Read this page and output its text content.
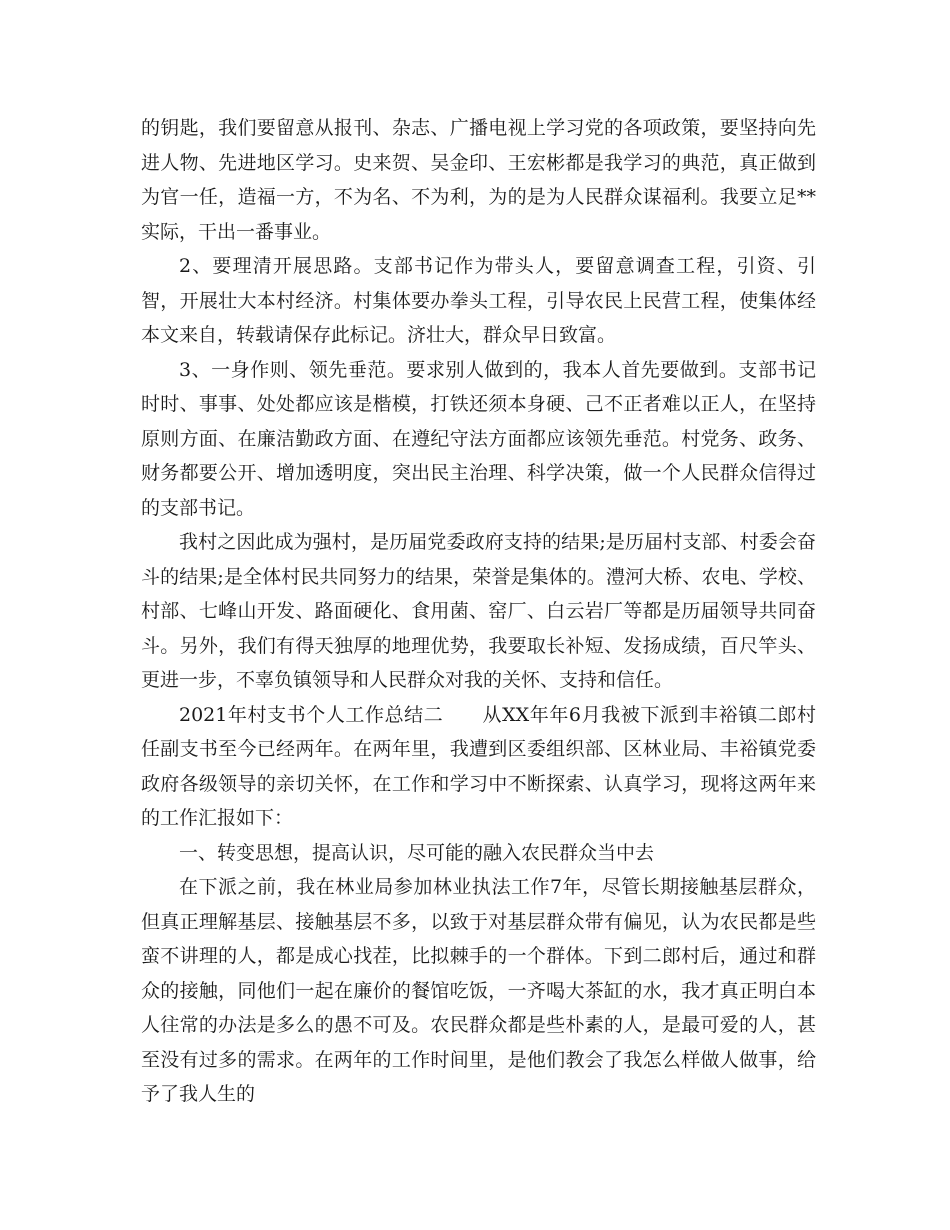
的钥匙，我们要留意从报刊、杂志、广播电视上学习党的各项政策，要坚持向先进人物、先进地区学习。史来贺、吴金印、王宏彬都是我学习的典范，真正做到为官一任，造福一方，不为名、不为利，为的是为人民群众谋福利。我要立足**实际，干出一番事业。

2、要理清开展思路。支部书记作为带头人，要留意调查工程，引资、引智，开展壮大本村经济。村集体要办拳头工程，引导农民上民营工程，使集体经本文来自，转载请保存此标记。济壮大，群众早日致富。

3、一身作则、领先垂范。要求别人做到的，我本人首先要做到。支部书记时时、事事、处处都应该是楷模，打铁还须本身硬、己不正者难以正人，在坚持原则方面、在廉洁勤政方面、在遵纪守法方面都应该领先垂范。村党务、政务、财务都要公开、增加透明度，突出民主治理、科学决策，做一个人民群众信得过的支部书记。

我村之因此成为强村，是历届党委政府支持的结果;是历届村支部、村委会奋斗的结果;是全体村民共同努力的结果，荣誉是集体的。澧河大桥、农电、学校、村部、七峰山开发、路面硬化、食用菌、窑厂、白云岩厂等都是历届领导共同奋斗。另外，我们有得天独厚的地理优势，我要取长补短、发扬成绩，百尺竿头、更进一步，不辜负镇领导和人民群众对我的关怀、支持和信任。

2021年村支书个人工作总结二　　从XX年年6月我被下派到丰裕镇二郎村任副支书至今已经两年。在两年里，我遭到区委组织部、区林业局、丰裕镇党委政府各级领导的亲切关怀，在工作和学习中不断探索、认真学习，现将这两年来的工作汇报如下：

一、转变思想，提高认识，尽可能的融入农民群众当中去

在下派之前，我在林业局参加林业执法工作7年，尽管长期接触基层群众，但真正理解基层、接触基层不多，以致于对基层群众带有偏见，认为农民都是些蛮不讲理的人，都是成心找茬，比拟棘手的一个群体。下到二郎村后，通过和群众的接触，同他们一起在廉价的餐馆吃饭，一齐喝大茶缸的水，我才真正明白本人往常的办法是多么的愚不可及。农民群众都是些朴素的人，是最可爱的人，甚至没有过多的需求。在两年的工作时间里，是他们教会了我怎么样做人做事，给予了我人生的
